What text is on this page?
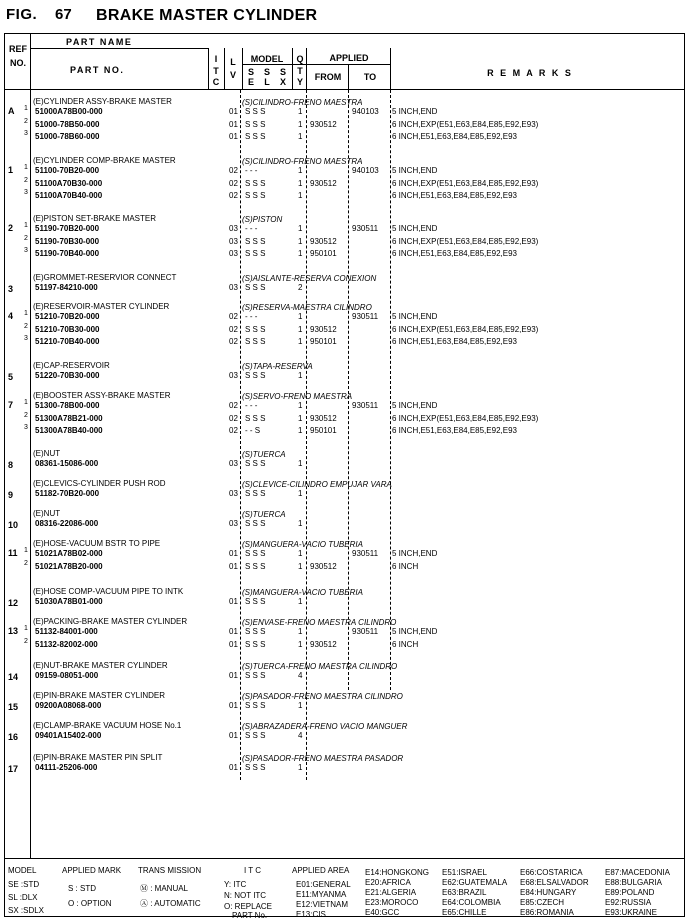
FIG. 67 BRAKE MASTER CYLINDER
REF
NO.
PART NAME
PART NO.
I
T
C
L
V
MODEL
S E
S L
S X
Q
T
Y
APPLIED
FROM	TO	R E M A R K S
(E)CYLINDER ASSY-BRAKE MASTER	(S)CILINDRO-FRENO MAESTRA
A 1 51000A78B00-000	01 S S S	1	940103 5 INCH,END
2 51000-78B50-000	01 S S S	1 930512	6 INCH,EXP(E51,E63,E84,E85,E92,E93)
3 51000-78B60-000	01 S S S	1	6 INCH,E51,E63,E84,E85,E92,E93
(E)CYLINDER COMP-BRAKE MASTER	(S)CILINDRO-FRENO MAESTRA
1 1 51100-70B20-000	02 - - -	1	940103 5 INCH,END
2 51100A70B30-000	02 S S S	1 930512	6 INCH,EXP(E51,E63,E84,E85,E92,E93)
3 51100A70B40-000	02 S S S	1	6 INCH,E51,E63,E84,E85,E92,E93
(E)PISTON SET-BRAKE MASTER	(S)PISTON
2 1 51190-70B20-000	03 - - -	1	930511 5 INCH,END
2 51190-70B30-000	03 S S S	1 930512	6 INCH,EXP(E51,E63,E84,E85,E92,E93)
3 51190-70B40-000	03 S S S	1 950101	6 INCH,E51,E63,E84,E85,E92,E93
(E)GROMMET-RESERVIOR CONNECT	(S)AISLANTE-RESERVA CONEXION
3	51197-84210-000	03 S S S	2
(E)RESERVOIR-MASTER CYLINDER	(S)RESERVA-MAESTRA CILINDRO
4 1 51210-70B20-000	02 - - -	1	930511 5 INCH,END
2 51210-70B30-000	02 S S S	1 930512	6 INCH,EXP(E51,E63,E84,E85,E92,E93)
3 51210-70B40-000	02 S S S	1 950101	6 INCH,E51,E63,E84,E85,E92,E93
(E)CAP-RESERVOIR	(S)TAPA-RESERVA
5	51220-70B30-000	03 S S S	1
(E)BOOSTER ASSY-BRAKE MASTER	(S)SERVO-FRENO MAESTRA
7 1 51300-78B00-000	02 - - -	1	930511 5 INCH,END
2 51300A78B21-000	02 S S S	1 930512	6 INCH,EXP(E51,E63,E84,E85,E92,E93)
3 51300A78B40-000	02 - - S	1 950101	6 INCH,E51,E63,E84,E85,E92,E93
(E)NUT	(S)TUERCA
8	08361-15086-000	03 S S S	1
(E)CLEVICS-CYLINDER PUSH ROD	(S)CLEVICE-CILINDRO EMPUJAR VARA
9	51182-70B20-000	03 S S S	1
(E)NUT	(S)TUERCA
10 08316-22086-000	03 S S S	1
(E)HOSE-VACUUM BSTR TO PIPE	(S)MANGUERA-VACIO TUBERIA
11 1 51021A78B02-000	01 S S S	1	930511 5 INCH,END
2 51021A78B20-000	01 S S S	1 930512	6 INCH
(E)HOSE COMP-VACUUM PIPE TO INTK	(S)MANGUERA-VACIO TUBERIA
12 51030A78B01-000	01 S S S	1
(E)PACKING-BRAKE MASTER CYLINDER	(S)ENVASE-FRENO MAESTRA CILINDRO
13 1 51132-84001-000	01 S S S	1	930511 5 INCH,END
2 51132-82002-000	01 S S S	1 930512	6 INCH
(E)NUT-BRAKE MASTER CYLINDER	(S)TUERCA-FRENO MAESTRA CILINDRO
14 09159-08051-000	01 S S S	4
(E)PIN-BRAKE MASTER CYLINDER	(S)PASADOR-FRENO MAESTRA CILINDRO
15 09200A08068-000	01 S S S	1
(E)CLAMP-BRAKE VACUUM HOSE No.1	(S)ABRAZADERA-FRENO VACIO MANGUER
16 09401A15402-000	01 S S S	4
(E)PIN-BRAKE MASTER PIN SPLIT	(S)PASADOR-FRENO MAESTRA PASADOR
17 04111-25206-000	01 S S S	1
MODEL
SE :STD
SL :DLX
SX :SDLX
APPLIED MARK
S : STD
O : OPTION
TRANS MISSION
Ⓜ : MANUAL
Ⓐ : AUTOMATIC
I T C
Y: ITC
N: NOT ITC
O: REPLACE
PART No.
APPLIED AREA
E01:GENERAL
E11:MYANMA
E12:VIETNAM
E13:CIS
E14:HONGKONG
E20:AFRICA
E21:ALGERIA
E23:MOROCO
E40:GCC
E51:ISRAEL
E62:GUATEMALA
E63:BRAZIL
E64:COLOMBIA
E65:CHILLE
E66:COSTARICA
E68:ELSALVADOR
E84:HUNGARY
E85:CZECH
E86:ROMANIA
E87:MACEDONIA
E88:BULGARIA
E89:POLAND
E92:RUSSIA
E93:UKRAINE
